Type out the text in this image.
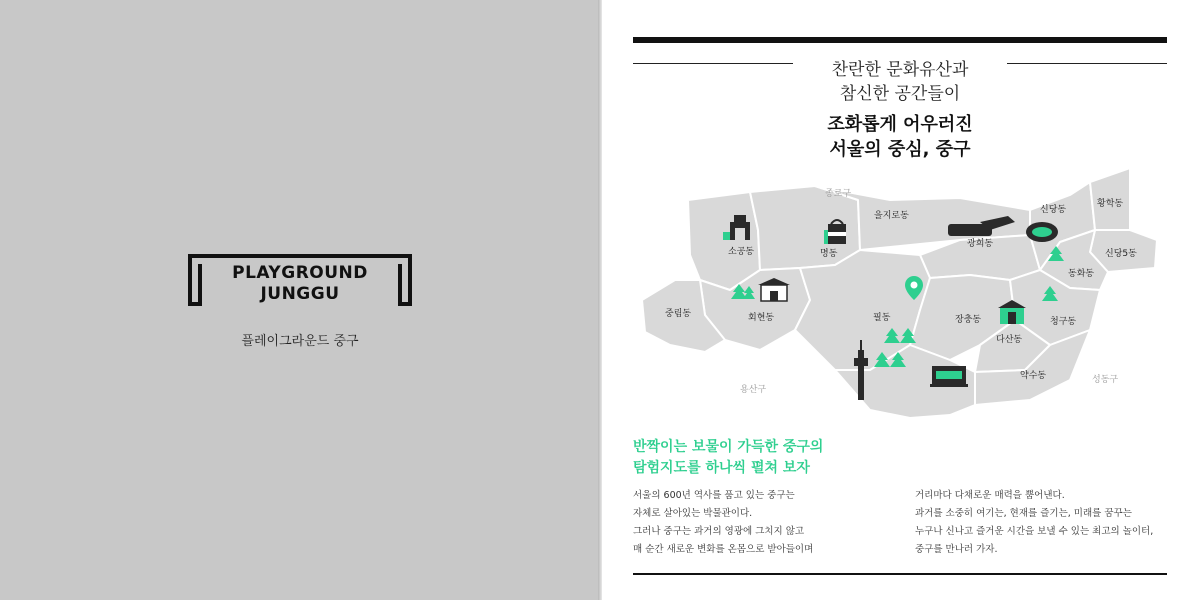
PLAYGROUND
JUNGGU
플레이그라운드 중구
찬란한 문화유산과
참신한 공간들이
조화롭게 어우러진
서울의 중심, 중구
종로구
용산구
성동구
을지로동
신당동
황학동
소공동	명동
광희동
신당5동
동화동
회현동
중림동	필동	장충동	청구동
다산동
약수동
반짝이는 보물이 가득한 중구의
탐험지도를 하나씩 펼쳐 보자
서울의 600년 역사를 품고 있는 중구는
자체로 살아있는 박물관이다.
그러나 중구는 과거의 영광에 그치지 않고
매 순간 새로운 변화를 온몸으로 받아들이며
거리마다 다채로운 매력을 뿜어낸다.
과거를 소중히 여기는, 현재를 즐기는, 미래를 꿈꾸는
누구나 신나고 즐거운 시간을 보낼 수 있는 최고의 놀이터,
중구를 만나러 가자.
